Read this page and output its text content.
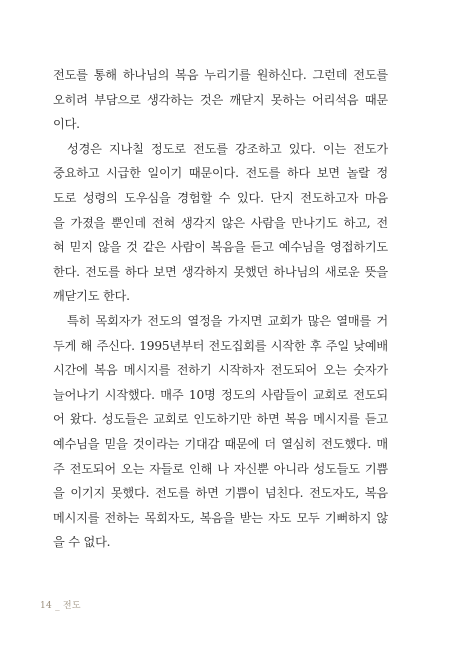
전도를 통해 하나님의 복음 누리기를 원하신다. 그런데 전도를
오히려 부담으로 생각하는 것은 깨닫지 못하는 어리석음 때문
이다.
성경은 지나칠 정도로 전도를 강조하고 있다. 이는 전도가
중요하고 시급한 일이기 때문이다. 전도를 하다 보면 놀랄 정
도로 성령의 도우심을 경험할 수 있다. 단지 전도하고자 마음
을 가졌을 뿐인데 전혀 생각지 않은 사람을 만나기도 하고, 전
혀 믿지 않을 것 같은 사람이 복음을 듣고 예수님을 영접하기도
한다. 전도를 하다 보면 생각하지 못했던 하나님의 새로운 뜻을
깨닫기도 한다.
특히 목회자가 전도의 열정을 가지면 교회가 많은 열매를 거
두게 해 주신다. 1995년부터 전도집회를 시작한 후 주일 낮예배
시간에 복음 메시지를 전하기 시작하자 전도되어 오는 숫자가
늘어나기 시작했다. 매주 10명 정도의 사람들이 교회로 전도되
어 왔다. 성도들은 교회로 인도하기만 하면 복음 메시지를 듣고
예수님을 믿을 것이라는 기대감 때문에 더 열심히 전도했다. 매
주 전도되어 오는 자들로 인해 나 자신뿐 아니라 성도들도 기쁨
을 이기지 못했다. 전도를 하면 기쁨이 넘친다. 전도자도, 복음
메시지를 전하는 목회자도, 복음을 받는 자도 모두 기뻐하지 않
을 수 없다.
14 _ 전도
